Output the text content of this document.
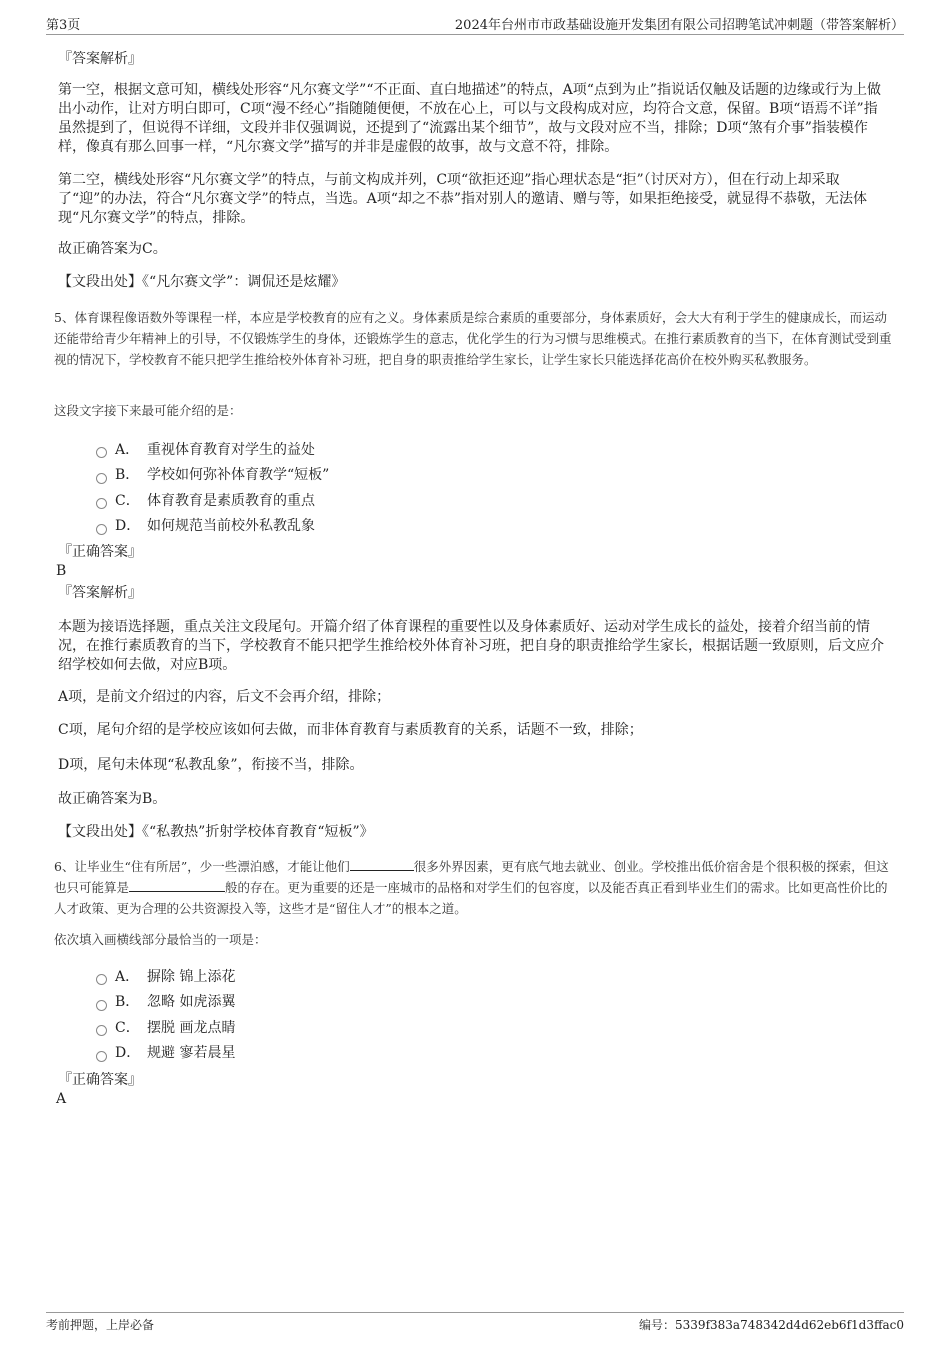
第3页	2024年台州市市政基础设施开发集团有限公司招聘笔试冲刺题（带答案解析）

『答案解析』

第一空，根据文意可知，横线处形容“凡尔赛文学”“不正面、直白地描述”的特点，A项“点到为止”指说话仅触及话题的边缘或行为上做出小动作，让对方明白即可，C项“漫不经心”指随随便便，不放在心上，可以与文段构成对应，均符合文意，保留。B项“语焉不详”指虽然提到了，但说得不详细，文段并非仅强调说，还提到了“流露出某个细节”，故与文段对应不当，排除；D项“煞有介事”指装模作样，像真有那么回事一样，“凡尔赛文学”描写的并非是虚假的故事，故与文意不符，排除。

第二空，横线处形容“凡尔赛文学”的特点，与前文构成并列，C项“欲拒还迎”指心理状态是“拒”（讨厌对方），但在行动上却采取了“迎”的办法，符合“凡尔赛文学”的特点，当选。A项“却之不恭”指对别人的邀请、赠与等，如果拒绝接受，就显得不恭敬，无法体现“凡尔赛文学”的特点，排除。

故正确答案为C。

【文段出处】《“凡尔赛文学”：调侃还是炫耀》

5、体育课程像语数外等课程一样，本应是学校教育的应有之义。身体素质是综合素质的重要部分，身体素质好，会大大有利于学生的健康成长，而运动还能带给青少年精神上的引导，不仅锻炼学生的身体，还锻炼学生的意志，优化学生的行为习惯与思维模式。在推行素质教育的当下，在体育测试受到重视的情况下，学校教育不能只把学生推给校外体育补习班，把自身的职责推给学生家长，让学生家长只能选择花高价在校外购买私教服务。

这段文字接下来最可能介绍的是：

A． 重视体育教育对学生的益处
B． 学校如何弥补体育教学“短板”
C． 体育教育是素质教育的重点
D． 如何规范当前校外私教乱象

『正确答案』

B

『答案解析』

本题为接语选择题，重点关注文段尾句。开篇介绍了体育课程的重要性以及身体素质好、运动对学生成长的益处，接着介绍当前的情况，在推行素质教育的当下，学校教育不能只把学生推给校外体育补习班，把自身的职责推给学生家长，根据话题一致原则，后文应介绍学校如何去做，对应B项。

A项，是前文介绍过的内容，后文不会再介绍，排除；

C项，尾句介绍的是学校应该如何去做，而非体育教育与素质教育的关系，话题不一致，排除；

D项，尾句未体现“私教乱象”，衔接不当，排除。

故正确答案为B。

【文段出处】《“私教热”折射学校体育教育“短板”》

6、让毕业生“住有所居”，少一些漂泊感，才能让他们	很多外界因素，更有底气地去就业、创业。学校推出低价宿舍是个很积极的探索，但这也只可能算是	般的存在。更为重要的还是一座城市的品格和对学生们的包容度，以及能否真正看到毕业生们的需求。比如更高性价比的人才政策、更为合理的公共资源投入等，这些才是“留住人才”的根本之道。

依次填入画横线部分最恰当的一项是：

A． 摒除 锦上添花
B． 忽略 如虎添翼
C． 摆脱 画龙点睛
D． 规避 寥若晨星

『正确答案』

A

考前押题，上岸必备	编号：5339f383a748342d4d62eb6f1d3ffac0
